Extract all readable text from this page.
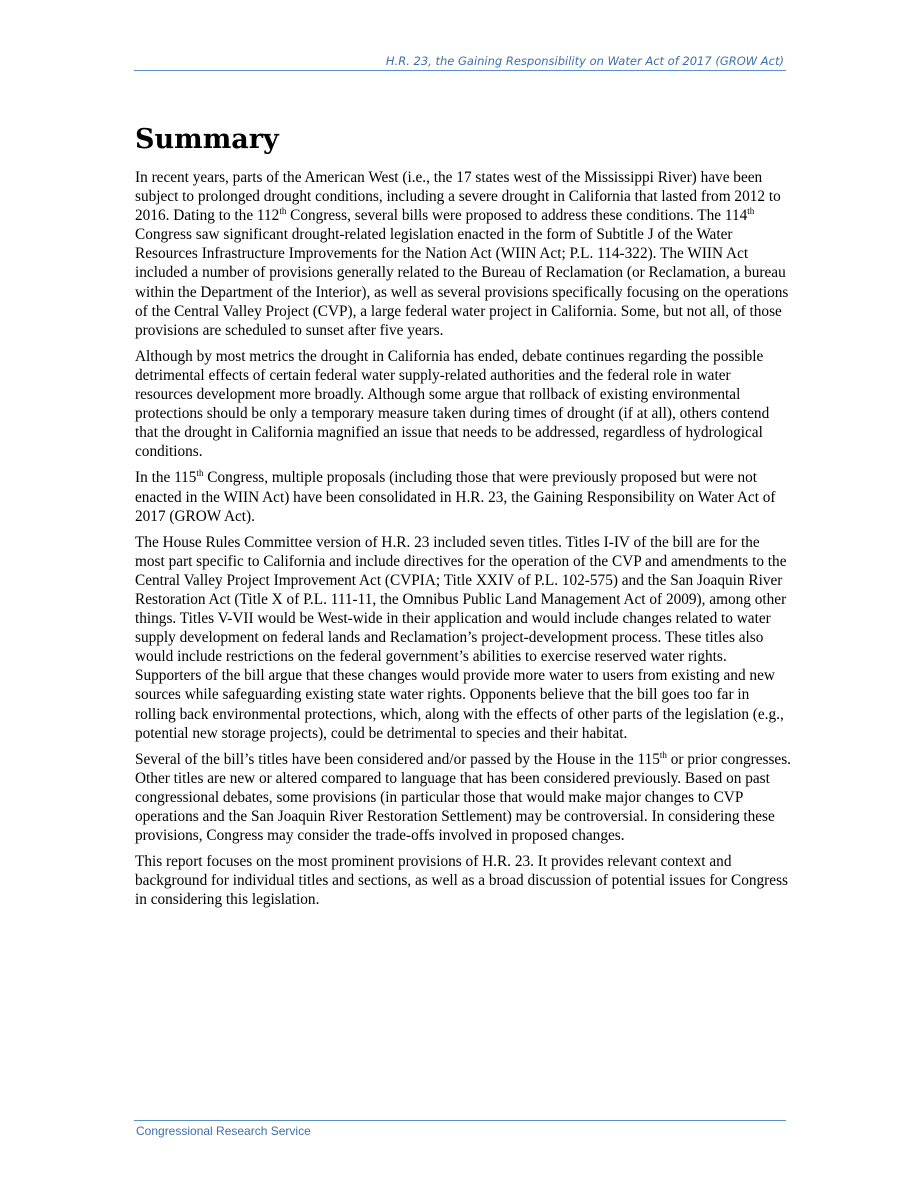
H.R. 23, the Gaining Responsibility on Water Act of 2017 (GROW Act)
Summary

In recent years, parts of the American West (i.e., the 17 states west of the Mississippi River) have been subject to prolonged drought conditions, including a severe drought in California that lasted from 2012 to 2016. Dating to the 112th Congress, several bills were proposed to address these conditions. The 114th Congress saw significant drought-related legislation enacted in the form of Subtitle J of the Water Resources Infrastructure Improvements for the Nation Act (WIIN Act; P.L. 114-322). The WIIN Act included a number of provisions generally related to the Bureau of Reclamation (or Reclamation, a bureau within the Department of the Interior), as well as several provisions specifically focusing on the operations of the Central Valley Project (CVP), a large federal water project in California. Some, but not all, of those provisions are scheduled to sunset after five years.

Although by most metrics the drought in California has ended, debate continues regarding the possible detrimental effects of certain federal water supply-related authorities and the federal role in water resources development more broadly. Although some argue that rollback of existing environmental protections should be only a temporary measure taken during times of drought (if at all), others contend that the drought in California magnified an issue that needs to be addressed, regardless of hydrological conditions.

In the 115th Congress, multiple proposals (including those that were previously proposed but were not enacted in the WIIN Act) have been consolidated in H.R. 23, the Gaining Responsibility on Water Act of 2017 (GROW Act).

The House Rules Committee version of H.R. 23 included seven titles. Titles I-IV of the bill are for the most part specific to California and include directives for the operation of the CVP and amendments to the Central Valley Project Improvement Act (CVPIA; Title XXIV of P.L. 102-575) and the San Joaquin River Restoration Act (Title X of P.L. 111-11, the Omnibus Public Land Management Act of 2009), among other things. Titles V-VII would be West-wide in their application and would include changes related to water supply development on federal lands and Reclamation’s project-development process. These titles also would include restrictions on the federal government’s abilities to exercise reserved water rights. Supporters of the bill argue that these changes would provide more water to users from existing and new sources while safeguarding existing state water rights. Opponents believe that the bill goes too far in rolling back environmental protections, which, along with the effects of other parts of the legislation (e.g., potential new storage projects), could be detrimental to species and their habitat.

Several of the bill’s titles have been considered and/or passed by the House in the 115th or prior congresses. Other titles are new or altered compared to language that has been considered previously. Based on past congressional debates, some provisions (in particular those that would make major changes to CVP operations and the San Joaquin River Restoration Settlement) may be controversial. In considering these provisions, Congress may consider the trade-offs involved in proposed changes.

This report focuses on the most prominent provisions of H.R. 23. It provides relevant context and background for individual titles and sections, as well as a broad discussion of potential issues for Congress in considering this legislation.

Congressional Research Service
